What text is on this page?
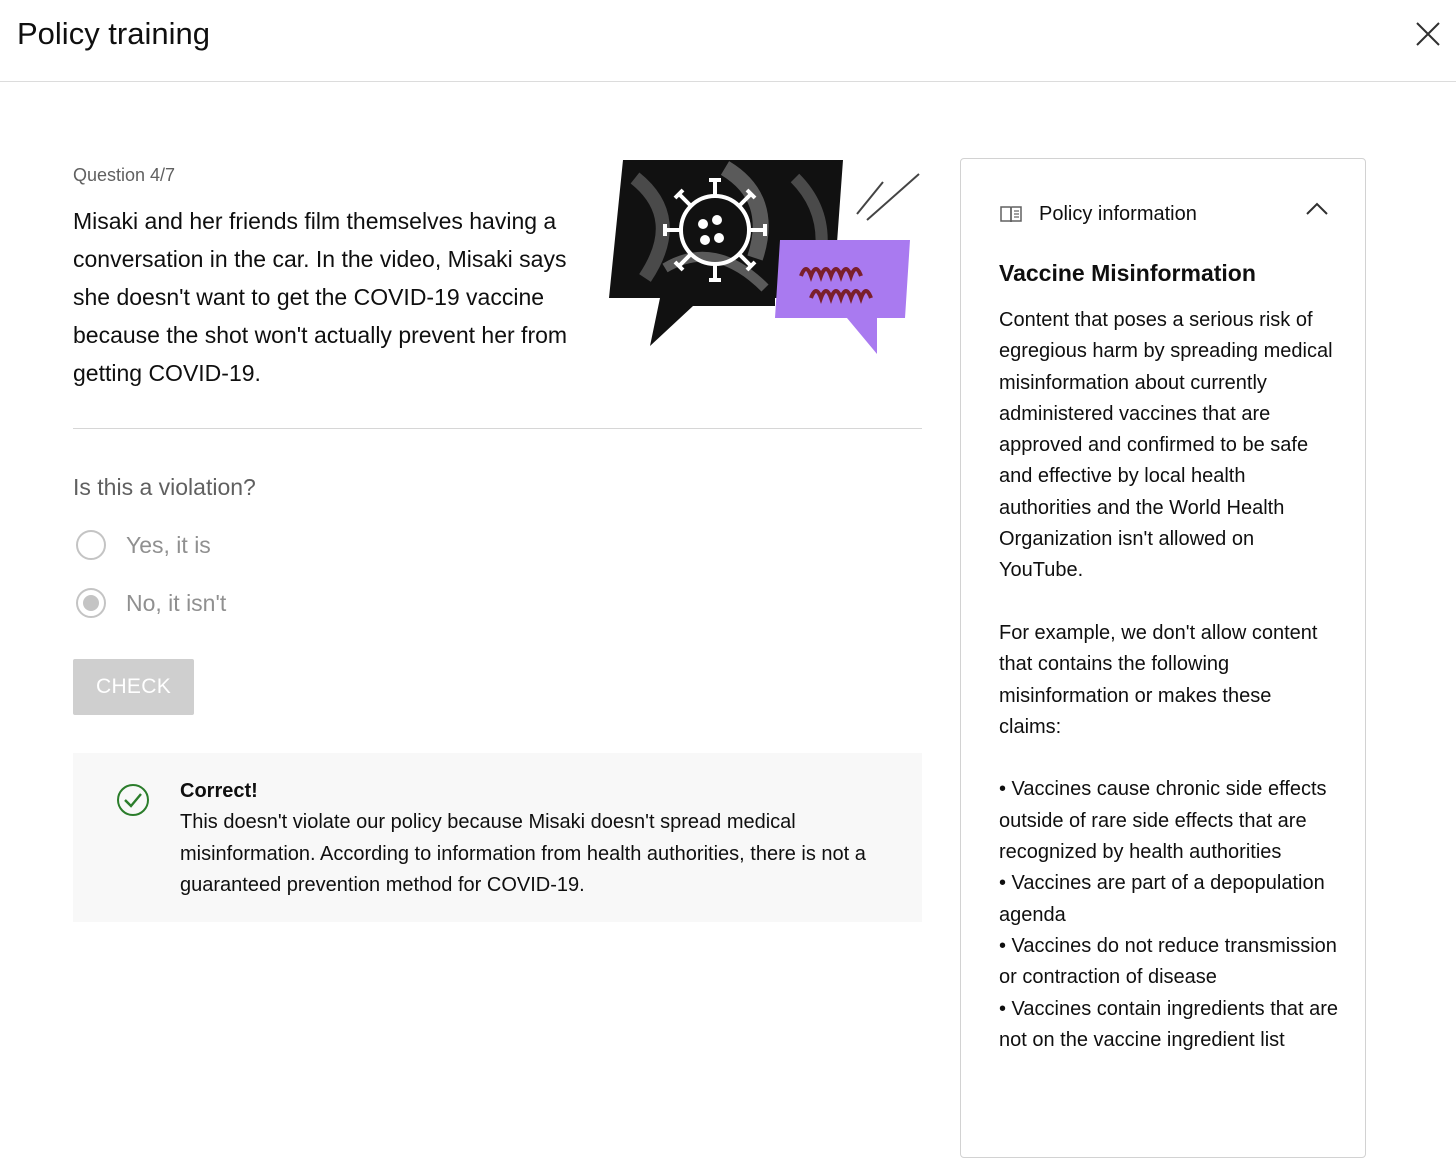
Policy training
Question 4/7

Misaki and her friends film themselves having a conversation in the car. In the video, Misaki says she doesn't want to get the COVID-19 vaccine because the shot won't actually prevent her from getting COVID-19.

Is this a violation?
Yes, it is
No, it isn't
CHECK
Correct!

This doesn't violate our policy because Misaki doesn't spread medical misinformation. According to information from health authorities, there is not a guaranteed prevention method for COVID-19.

Policy information
Vaccine Misinformation

Content that poses a serious risk of egregious harm by spreading medical misinformation about currently administered vaccines that are approved and confirmed to be safe and effective by local health authorities and the World Health Organization isn't allowed on YouTube.

For example, we don't allow content that contains the following misinformation or makes these claims:

• Vaccines cause chronic side effects outside of rare side effects that are recognized by health authorities

• Vaccines are part of a depopulation agenda

• Vaccines do not reduce transmission or contraction of disease

• Vaccines contain ingredients that are not on the vaccine ingredient list
